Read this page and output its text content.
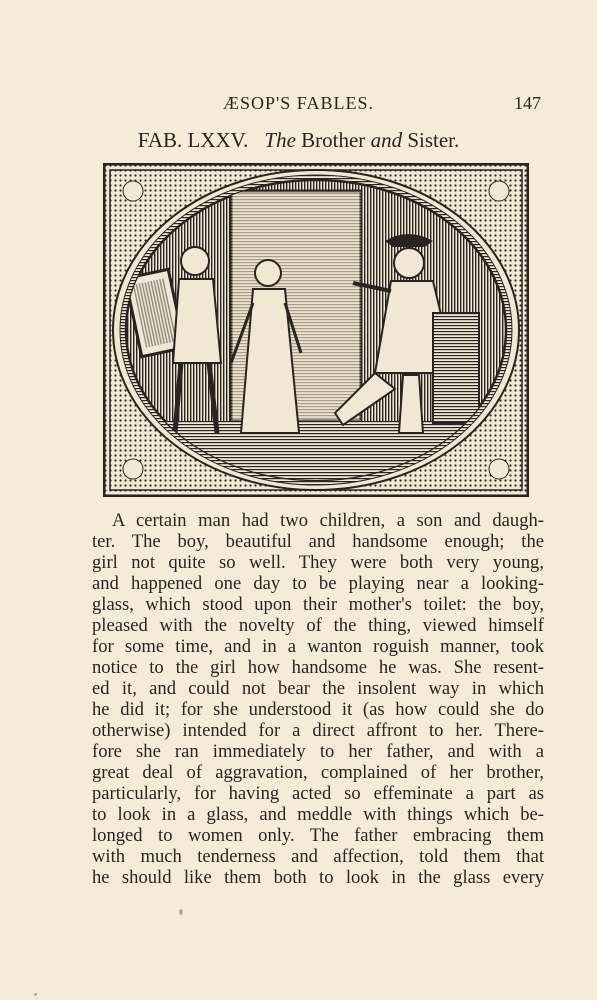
ÆSOP'S FABLES.	147
FAB. LXXV. The Brother and Sister.
A certain man had two children, a son and daugh-
ter. The boy, beautiful and handsome enough; the
girl not quite so well. They were both very young,
and happened one day to be playing near a looking-
glass, which stood upon their mother's toilet: the boy,
pleased with the novelty of the thing, viewed himself
for some time, and in a wanton roguish manner, took
notice to the girl how handsome he was. She resent-
ed it, and could not bear the insolent way in which
he did it; for she understood it (as how could she do
otherwise) intended for a direct affront to her. There-
fore she ran immediately to her father, and with a
great deal of aggravation, complained of her brother,
particularly, for having acted so effeminate a part as
to look in a glass, and meddle with things which be-
longed to women only. The father embracing them
with much tenderness and affection, told them that
he should like them both to look in the glass every
